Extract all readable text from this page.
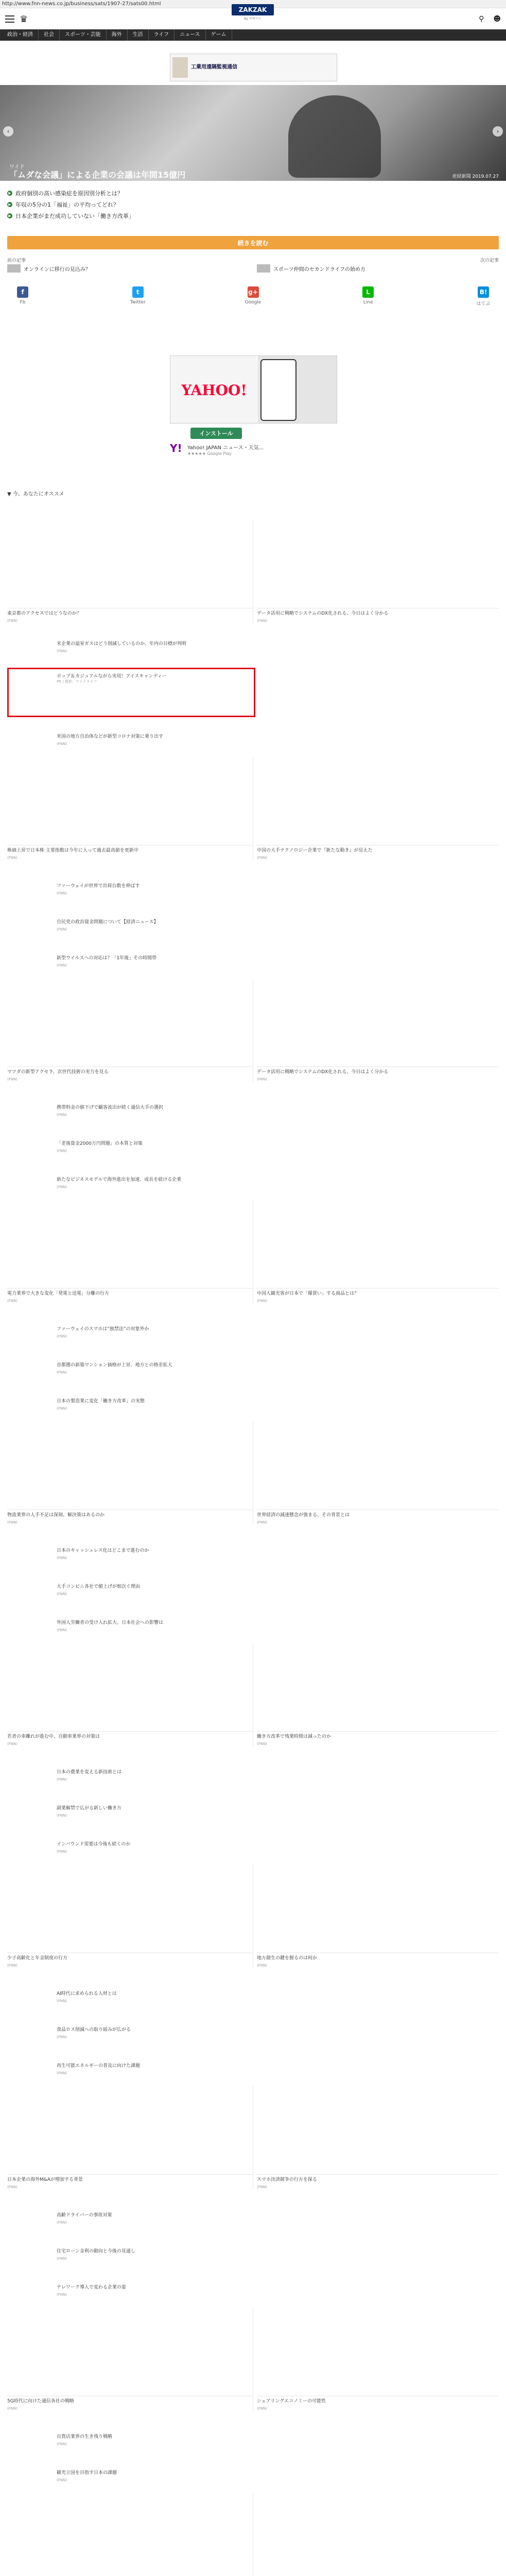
http://www.fnn-news.co.jp/business/sats/1907-27/sats00.html
♛	⚲ ☻
ZAKZAK
by 夕刊フジ
政治・経済	社会	スポーツ・芸能	海外	生活	ライフ	ニュース	ゲーム
工業用遠隔監視通信
‹	›
ワイド
「ムダな会議」による企業の会議は年間15億円	産経新聞 2019.07.27
▶ 政府個別の高い感染症を原因別分析とは？
▶ 年収の5分の1「福祉」の平均ってどれ？
▶ 日本企業がまだ成功していない「働き方改革」
続きを読む
前の記事	次の記事
オンラインに移行の見込み？	スポーツ仲間のセカンドライフの始め方
f
Fb
t
Twitter
g+
Google
L
Line
B!
はてぶ
YAHOO!
インストール
Y! Yahoo! JAPAN ニュース・天気...
★★★★★ Google Play
▼ 今、あなたにオススメ
東京都のアクセスではどうなのか？
(FNN)
データ活用に戦略でシステムのDX化される、今日はよく分かる
(FNN)
米企業の温室ガスはどう削減しているのか、年内の目標が判明
(FNN)
米国の地方自治体などが新型コロナ対策に乗り出す
(FNN)
株価上昇で日本株 主要指数は今年に入って過去最高値を更新中
(FNN)
中国の大手テクノロジー企業で『新たな動き』が見えた
(FNN)
ファーウェイが世界で出荷台数を伸ばす
(FNN)
自民党の政治資金問題について【経済ニュース】
(FNN)
新型ウイルスへの対応は？「1年後」その時間帯
(FNN)
マツダの新型アクセラ、次世代技術の実力を見る
(FNN)
データ活用に戦略でシステムのDX化される、今日はよく分かる
(FNN)
携帯料金の値下げで顧客流出が続く通信大手の選択
(FNN)
「老後資金2000万円問題」の本質と対策
(FNN)
新たなビジネスモデルで海外進出を加速、成長を続ける企業
(FNN)
電力業界で大きな変化「発電と送電」分離の行方
(FNN)
中国人観光客が日本で「爆買い」する商品とは？
(FNN)
ファーウェイのスマホは“独禁法”の対象外か
(FNN)
首都圏の新築マンション価格が上昇、地方との格差拡大
(FNN)
日本の製造業に変化「働き方改革」の実態
(FNN)
物流業界の人手不足は深刻、解決策はあるのか
(FNN)
世界経済の減速懸念が強まる、その背景とは
(FNN)
日本のキャッシュレス化はどこまで進むのか
(FNN)
大手コンビニ各社で値上げが相次ぐ理由
(FNN)
外国人労働者の受け入れ拡大、日本社会への影響は
(FNN)
若者の車離れが進む中、自動車業界の対策は
(FNN)
働き方改革で残業時間は減ったのか
(FNN)
日本の農業を変える新技術とは
(FNN)
副業解禁で広がる新しい働き方
(FNN)
インバウンド需要は今後も続くのか
(FNN)
少子高齢化と年金制度の行方
(FNN)
地方創生の鍵を握るのは何か
(FNN)
AI時代に求められる人材とは
(FNN)
食品ロス削減への取り組みが広がる
(FNN)
再生可能エネルギーの普及に向けた課題
(FNN)
日本企業の海外M&Aが増加する背景
(FNN)
スマホ決済競争の行方を探る
(FNN)
高齢ドライバーの事故対策
(FNN)
住宅ローン金利の動向と今後の見通し
(FNN)
テレワーク導入で変わる企業の姿
(FNN)
5G時代に向けた通信各社の戦略
(FNN)
シェアリングエコノミーの可能性
(FNN)
百貨店業界の生き残り戦略
(FNN)
観光立国を目指す日本の課題
(FNN)
ポップ＆カジュアルながら実用！アイスキャンディー
PR | 提供：ワイドライフ
